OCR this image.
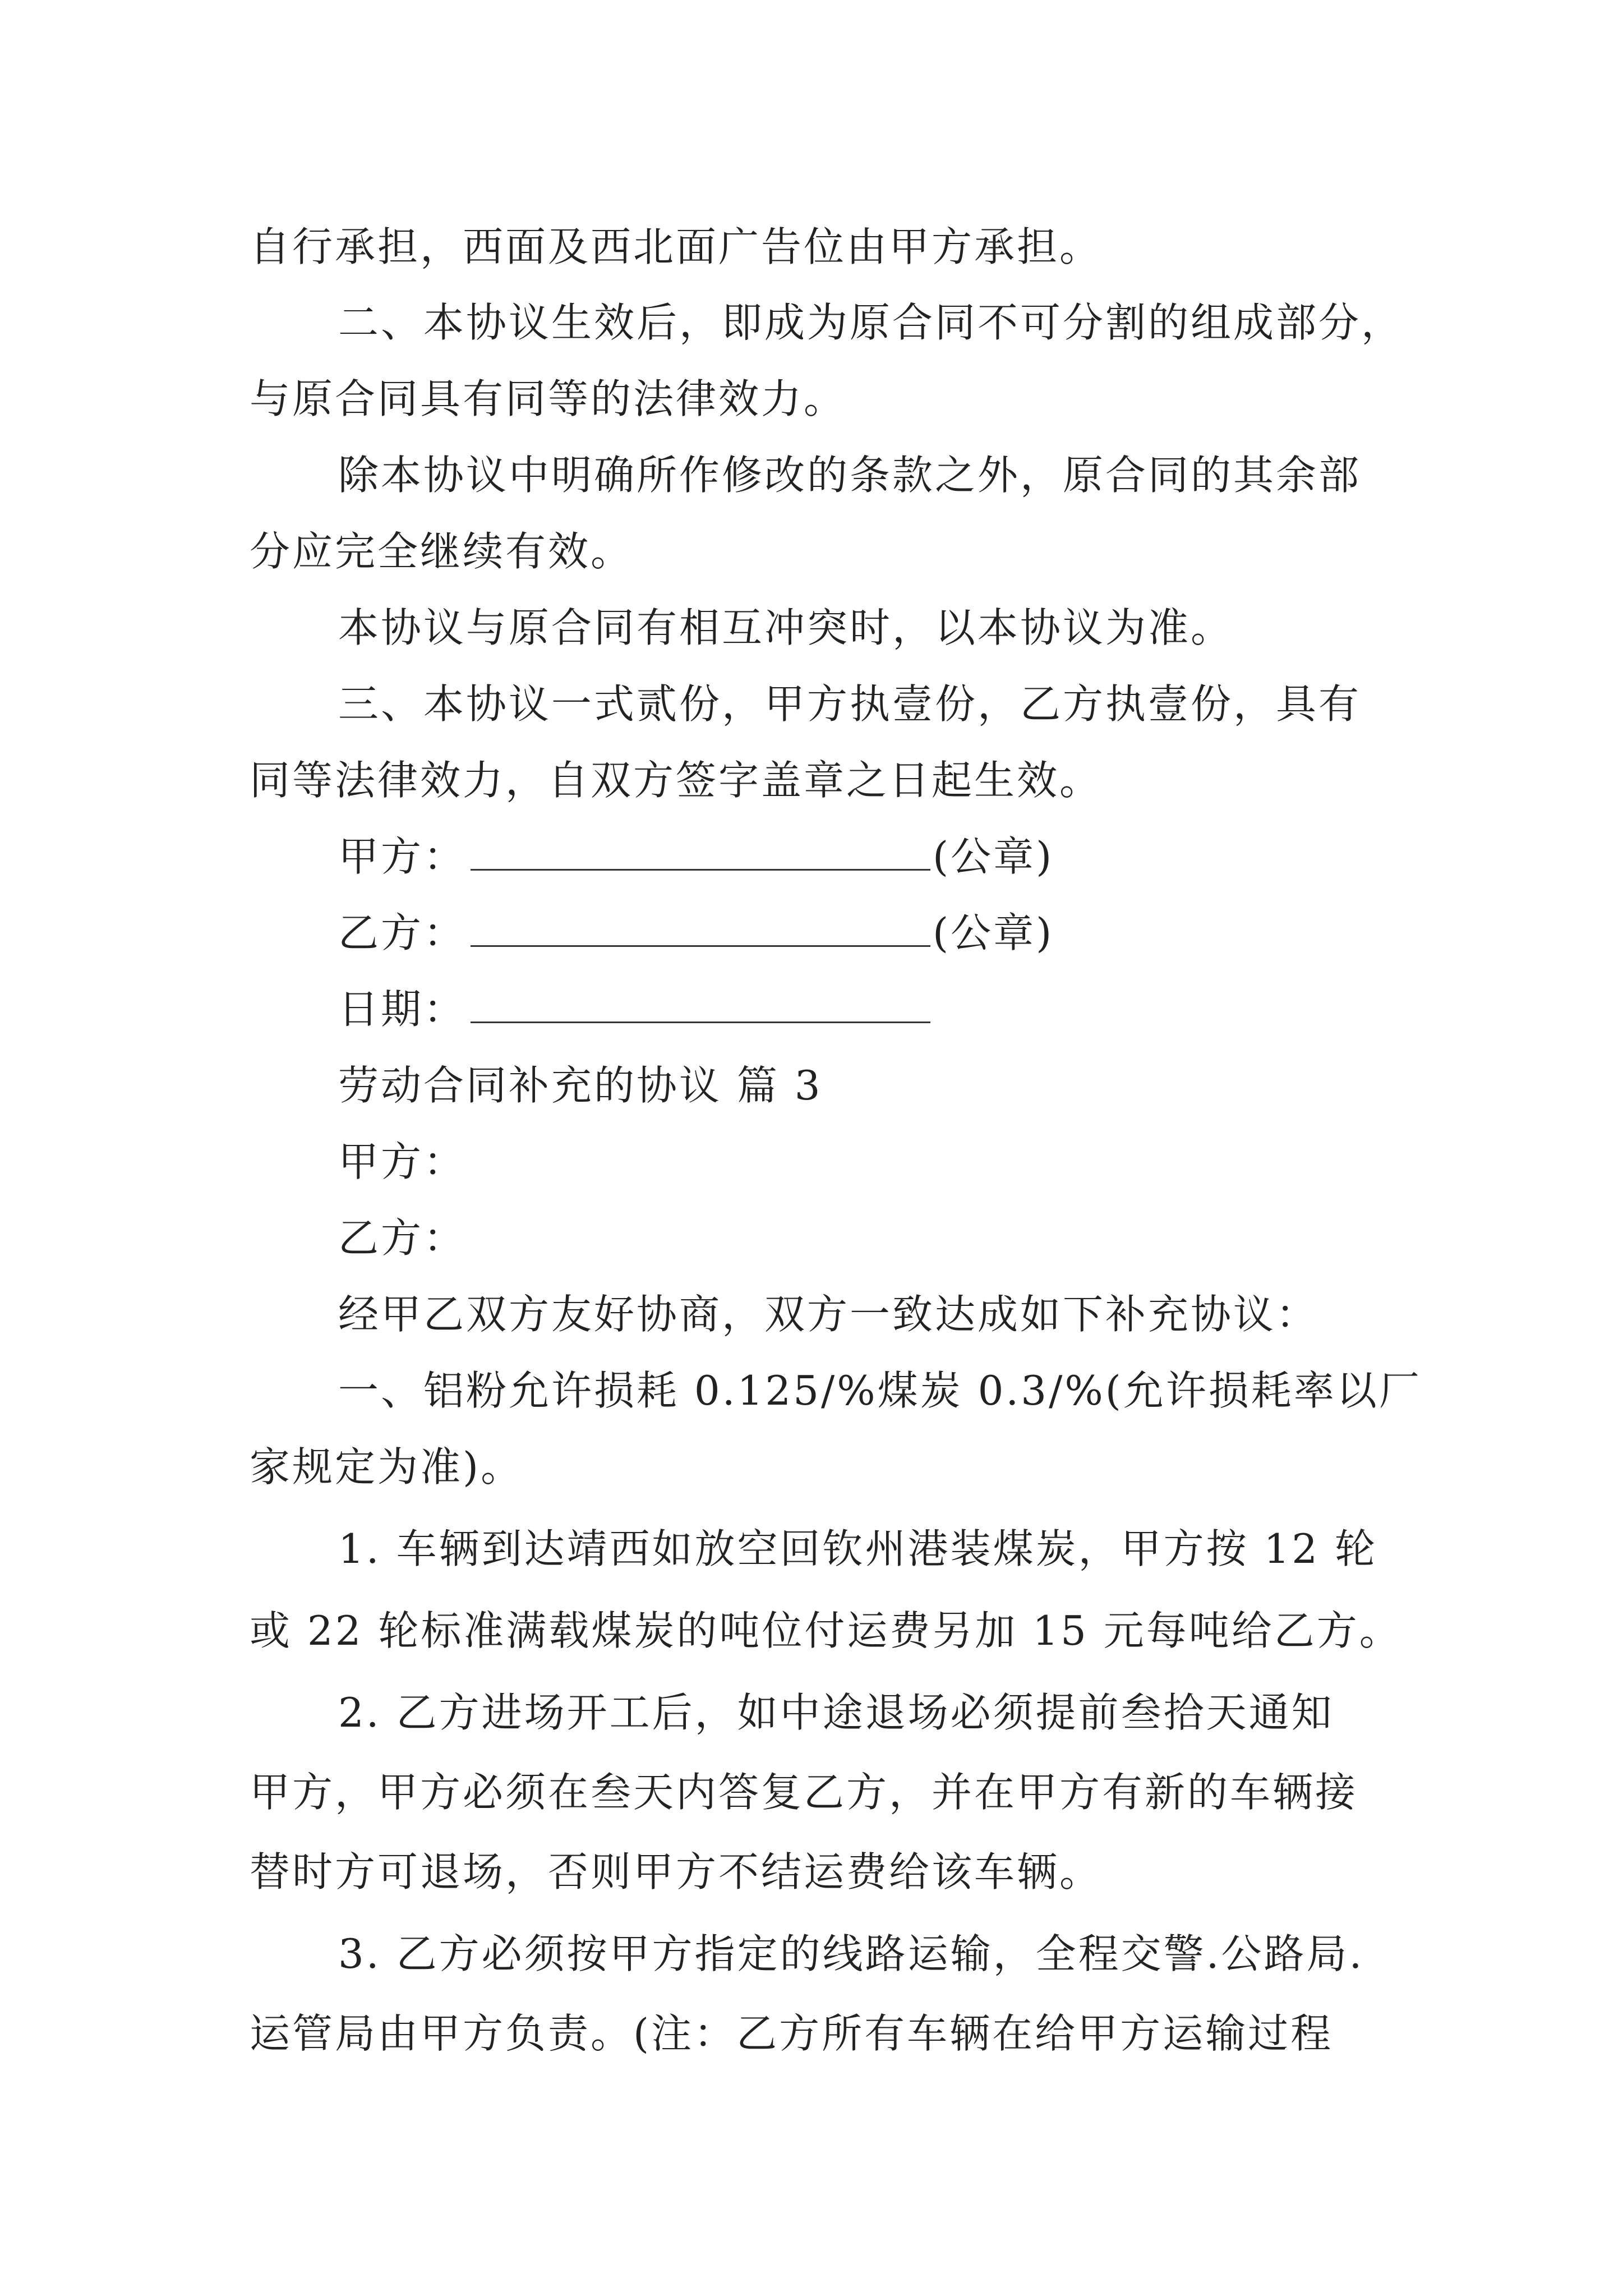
自行承担，西面及西北面广告位由甲方承担。
二、本协议生效后，即成为原合同不可分割的组成部分，
与原合同具有同等的法律效力。
除本协议中明确所作修改的条款之外，原合同的其余部
分应完全继续有效。
本协议与原合同有相互冲突时，以本协议为准。
三、本协议一式贰份，甲方执壹份，乙方执壹份，具有
同等法律效力，自双方签字盖章之日起生效。
甲方：	(公章)
乙方：	(公章)
日期：
劳动合同补充的协议 篇 3
甲方：
乙方：
经甲乙双方友好协商，双方一致达成如下补充协议：
一、铝粉允许损耗 0.125/%煤炭 0.3/%(允许损耗率以厂
家规定为准)。
1. 车辆到达靖西如放空回钦州港装煤炭，甲方按 12 轮
或 22 轮标准满载煤炭的吨位付运费另加 15 元每吨给乙方。
2. 乙方进场开工后，如中途退场必须提前叁拾天通知
甲方，甲方必须在叁天内答复乙方，并在甲方有新的车辆接
替时方可退场，否则甲方不结运费给该车辆。
3. 乙方必须按甲方指定的线路运输，全程交警.公路局.
运管局由甲方负责。(注：乙方所有车辆在给甲方运输过程
